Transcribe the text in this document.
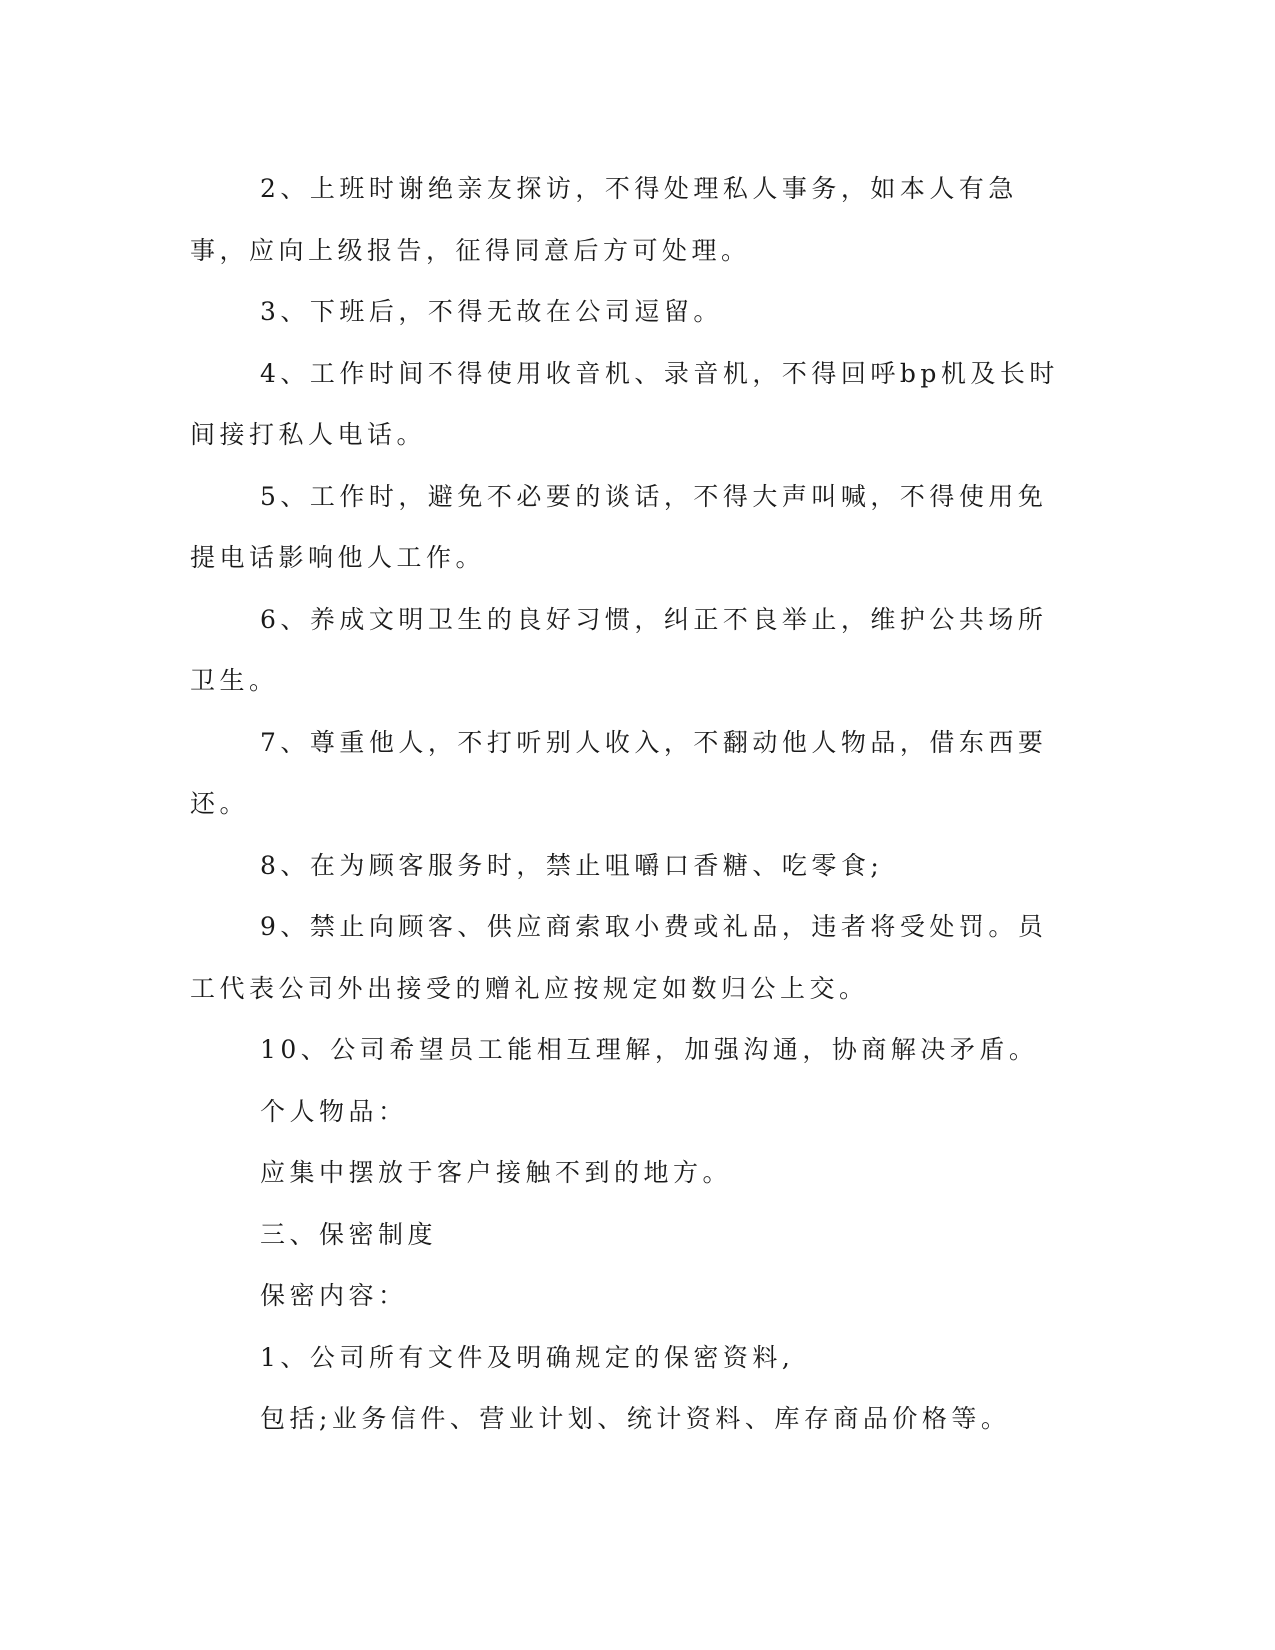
2、上班时谢绝亲友探访，不得处理私人事务，如本人有急事，应向上级报告，征得同意后方可处理。

3、下班后，不得无故在公司逗留。

4、工作时间不得使用收音机、录音机，不得回呼bp机及长时间接打私人电话。

5、工作时，避免不必要的谈话，不得大声叫喊，不得使用免提电话影响他人工作。

6、养成文明卫生的良好习惯，纠正不良举止，维护公共场所卫生。

7、尊重他人，不打听别人收入，不翻动他人物品，借东西要还。

8、在为顾客服务时，禁止咀嚼口香糖、吃零食;

9、禁止向顾客、供应商索取小费或礼品，违者将受处罚。员工代表公司外出接受的赠礼应按规定如数归公上交。

10、公司希望员工能相互理解，加强沟通，协商解决矛盾。

个人物品：

应集中摆放于客户接触不到的地方。

三、保密制度

保密内容：

1、公司所有文件及明确规定的保密资料,

包括;业务信件、营业计划、统计资料、库存商品价格等。
